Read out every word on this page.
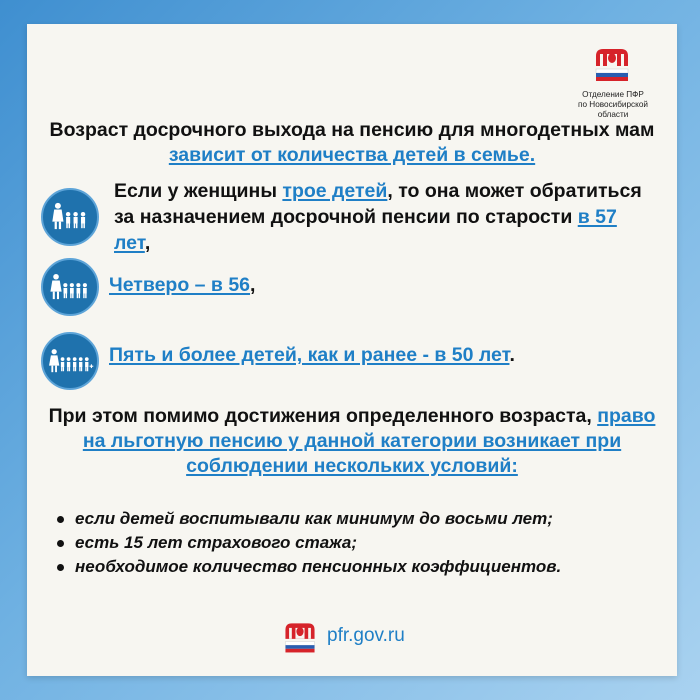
Отделение ПФР
по Новосибирской
области
Возраст досрочного выхода на пенсию для многодетных мам зависит от количества детей в семье.
Если у женщины трое детей, то она может обратиться за назначением досрочной пенсии по старости в 57 лет,
Четверо – в 56,
Пять и более детей, как и ранее - в 50 лет.
При этом помимо достижения определенного возраста, право на льготную пенсию у данной категории возникает при соблюдении нескольких условий:
если детей воспитывали как минимум до восьми лет;
есть 15 лет страхового стажа;
необходимое количество пенсионных коэффициентов.
pfr.gov.ru
